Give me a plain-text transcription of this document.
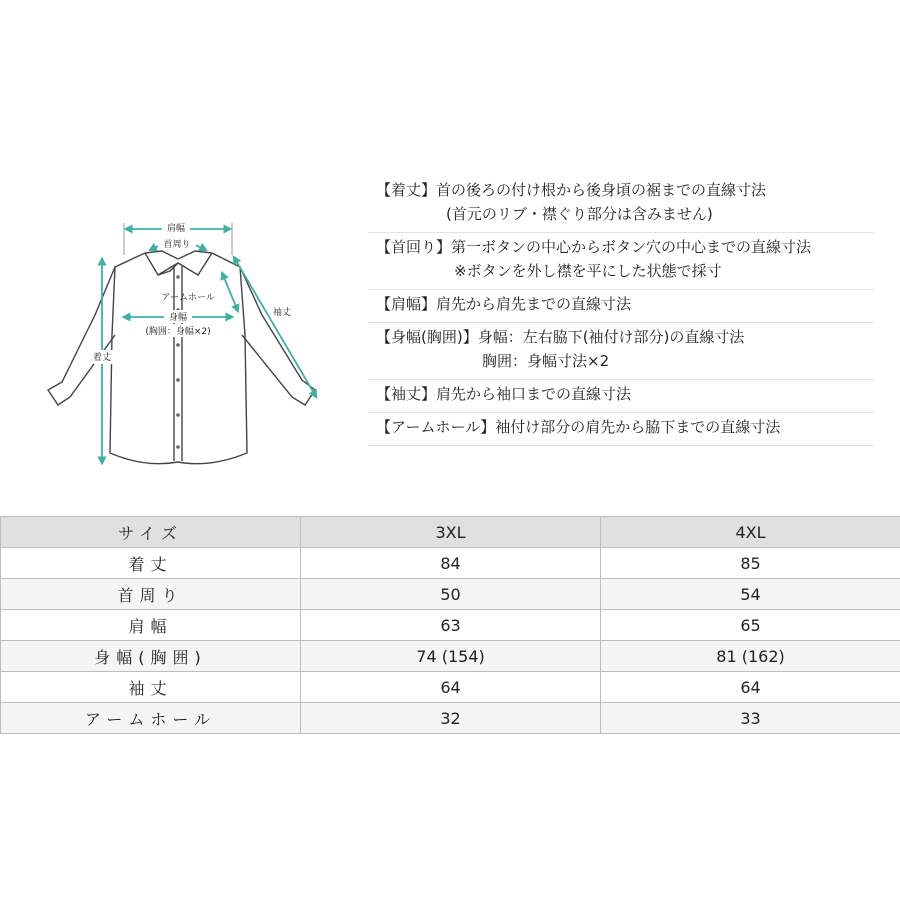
肩幅
首周り
アームホール
身幅
(胸囲：身幅×2)
着丈
袖丈
【着丈】首の後ろの付け根から後身頃の裾までの直線寸法
(首元のリブ・襟ぐり部分は含みません)
【首回り】第一ボタンの中心からボタン穴の中心までの直線寸法
※ボタンを外し襟を平にした状態で採寸
【肩幅】肩先から肩先までの直線寸法
【身幅(胸囲)】身幅：左右脇下(袖付け部分)の直線寸法
胸囲：身幅寸法×2
【袖丈】肩先から袖口までの直線寸法
【アームホール】袖付け部分の肩先から脇下までの直線寸法
サイズ	3XL	4XL
着丈	84	85
首周り	50	54
肩幅	63	65
身幅(胸囲)	74 (154)	81 (162)
袖丈	64	64
アームホール	32	33
